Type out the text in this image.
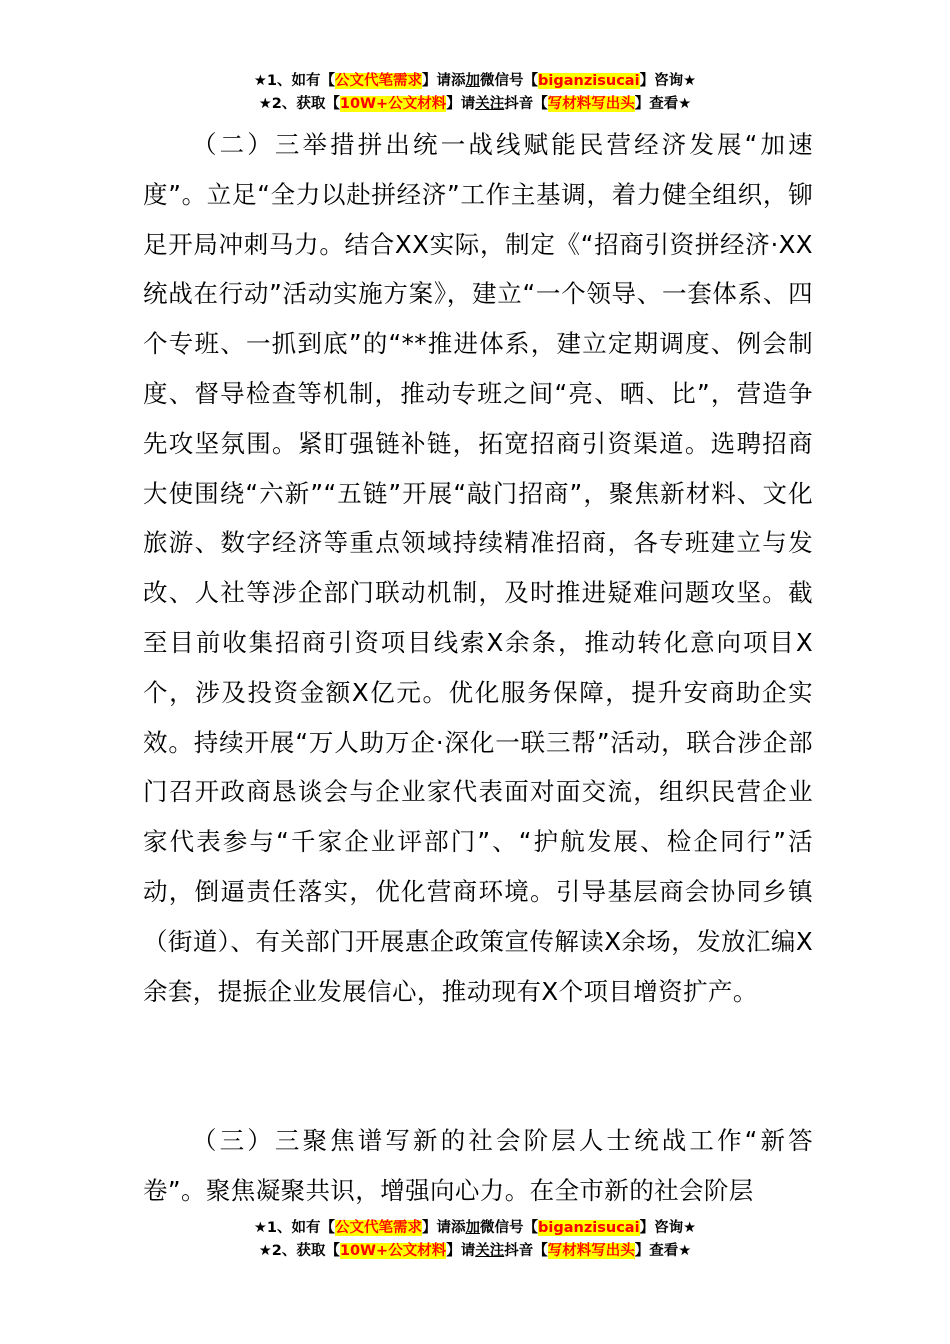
★1、如有【公文代笔需求】请添加微信号【biganzisucai】咨询★
★2、获取【10W+公文材料】请关注抖音【写材料写出头】查看★

（二）三举措拼出统一战线赋能民营经济发展“加速度”。立足“全力以赴拼经济”工作主基调，着力健全组织，铆足开局冲刺马力。结合XX实际，制定《“招商引资拼经济·XX统战在行动”活动实施方案》，建立“一个领导、一套体系、四个专班、一抓到底”的“**推进体系，建立定期调度、例会制度、督导检查等机制，推动专班之间“亮、晒、比”，营造争先攻坚氛围。紧盯强链补链，拓宽招商引资渠道。选聘招商大使围绕“六新”“五链”开展“敲门招商”，聚焦新材料、文化旅游、数字经济等重点领域持续精准招商，各专班建立与发改、人社等涉企部门联动机制，及时推进疑难问题攻坚。截至目前收集招商引资项目线索X余条，推动转化意向项目X个，涉及投资金额X亿元。优化服务保障，提升安商助企实效。持续开展“万人助万企·深化一联三帮”活动，联合涉企部门召开政商恳谈会与企业家代表面对面交流，组织民营企业家代表参与“千家企业评部门”、“护航发展、检企同行”活动，倒逼责任落实，优化营商环境。引导基层商会协同乡镇（街道）、有关部门开展惠企政策宣传解读X余场，发放汇编X余套，提振企业发展信心，推动现有X个项目增资扩产。

（三）三聚焦谱写新的社会阶层人士统战工作“新答卷”。聚焦凝聚共识，增强向心力。在全市新的社会阶层

★1、如有【公文代笔需求】请添加微信号【biganzisucai】咨询★
★2、获取【10W+公文材料】请关注抖音【写材料写出头】查看★
